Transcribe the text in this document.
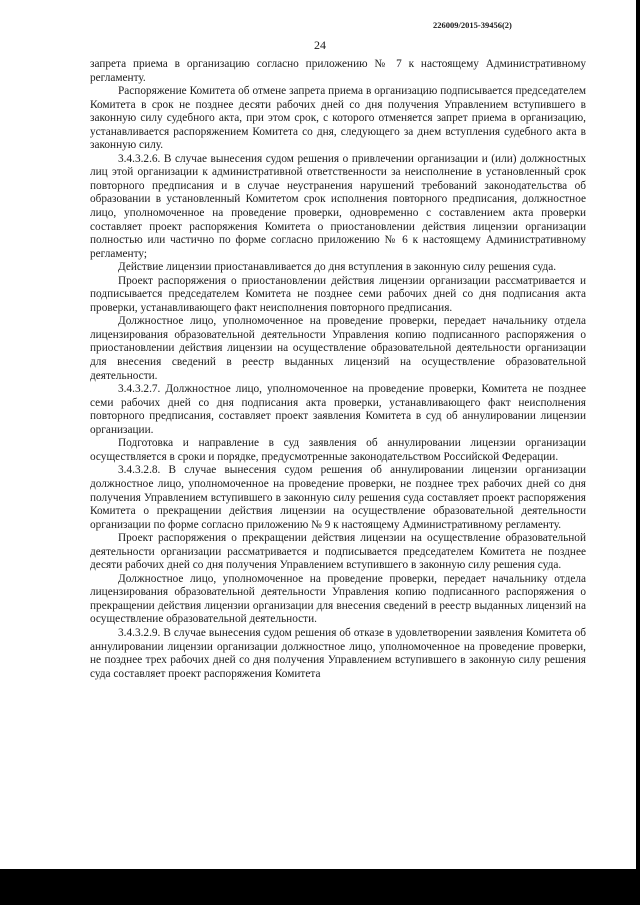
226009/2015-39456(2)
24

запрета приема в организацию согласно приложению № 7 к настоящему Административному регламенту.

Распоряжение Комитета об отмене запрета приема в организацию подписывается председателем Комитета в срок не позднее десяти рабочих дней со дня получения Управлением вступившего в законную силу судебного акта, при этом срок, с которого отменяется запрет приема в организацию, устанавливается распоряжением Комитета со дня, следующего за днем вступления судебного акта в законную силу.

3.4.3.2.6. В случае вынесения судом решения о привлечении организации и (или) должностных лиц этой организации к административной ответственности за неисполнение в установленный срок повторного предписания и в случае неустранения нарушений требований законодательства об образовании в установленный Комитетом срок исполнения повторного предписания, должностное лицо, уполномоченное на проведение проверки, одновременно с составлением акта проверки составляет проект распоряжения Комитета о приостановлении действия лицензии организации полностью или частично по форме согласно приложению № 6 к настоящему Административному регламенту;

Действие лицензии приостанавливается до дня вступления в законную силу решения суда.

Проект распоряжения о приостановлении действия лицензии организации рассматривается и подписывается председателем Комитета не позднее семи рабочих дней со дня подписания акта проверки, устанавливающего факт неисполнения повторного предписания.

Должностное лицо, уполномоченное на проведение проверки, передает начальнику отдела лицензирования образовательной деятельности Управления копию подписанного распоряжения о приостановлении действия лицензии на осуществление образовательной деятельности организации для внесения сведений в реестр выданных лицензий на осуществление образовательной деятельности.

3.4.3.2.7. Должностное лицо, уполномоченное на проведение проверки, Комитета не позднее семи рабочих дней со дня подписания акта проверки, устанавливающего факт неисполнения повторного предписания, составляет проект заявления Комитета в суд об аннулировании лицензии организации.

Подготовка и направление в суд заявления об аннулировании лицензии организации осуществляется в сроки и порядке, предусмотренные законодательством Российской Федерации.

3.4.3.2.8. В случае вынесения судом решения об аннулировании лицензии организации должностное лицо, уполномоченное на проведение проверки, не позднее трех рабочих дней со дня получения Управлением вступившего в законную силу решения суда составляет проект распоряжения Комитета о прекращении действия лицензии на осуществление образовательной деятельности организации по форме согласно приложению № 9 к настоящему Административному регламенту.

Проект распоряжения о прекращении действия лицензии на осуществление образовательной деятельности организации рассматривается и подписывается председателем Комитета не позднее десяти рабочих дней со дня получения Управлением вступившего в законную силу решения суда.

Должностное лицо, уполномоченное на проведение проверки, передает начальнику отдела лицензирования образовательной деятельности Управления копию подписанного распоряжения о прекращении действия лицензии организации для внесения сведений в реестр выданных лицензий на осуществление образовательной деятельности.

3.4.3.2.9. В случае вынесения судом решения об отказе в удовлетворении заявления Комитета об аннулировании лицензии организации должностное лицо, уполномоченное на проведение проверки, не позднее трех рабочих дней со дня получения Управлением вступившего в законную силу решения суда составляет проект распоряжения Комитета
